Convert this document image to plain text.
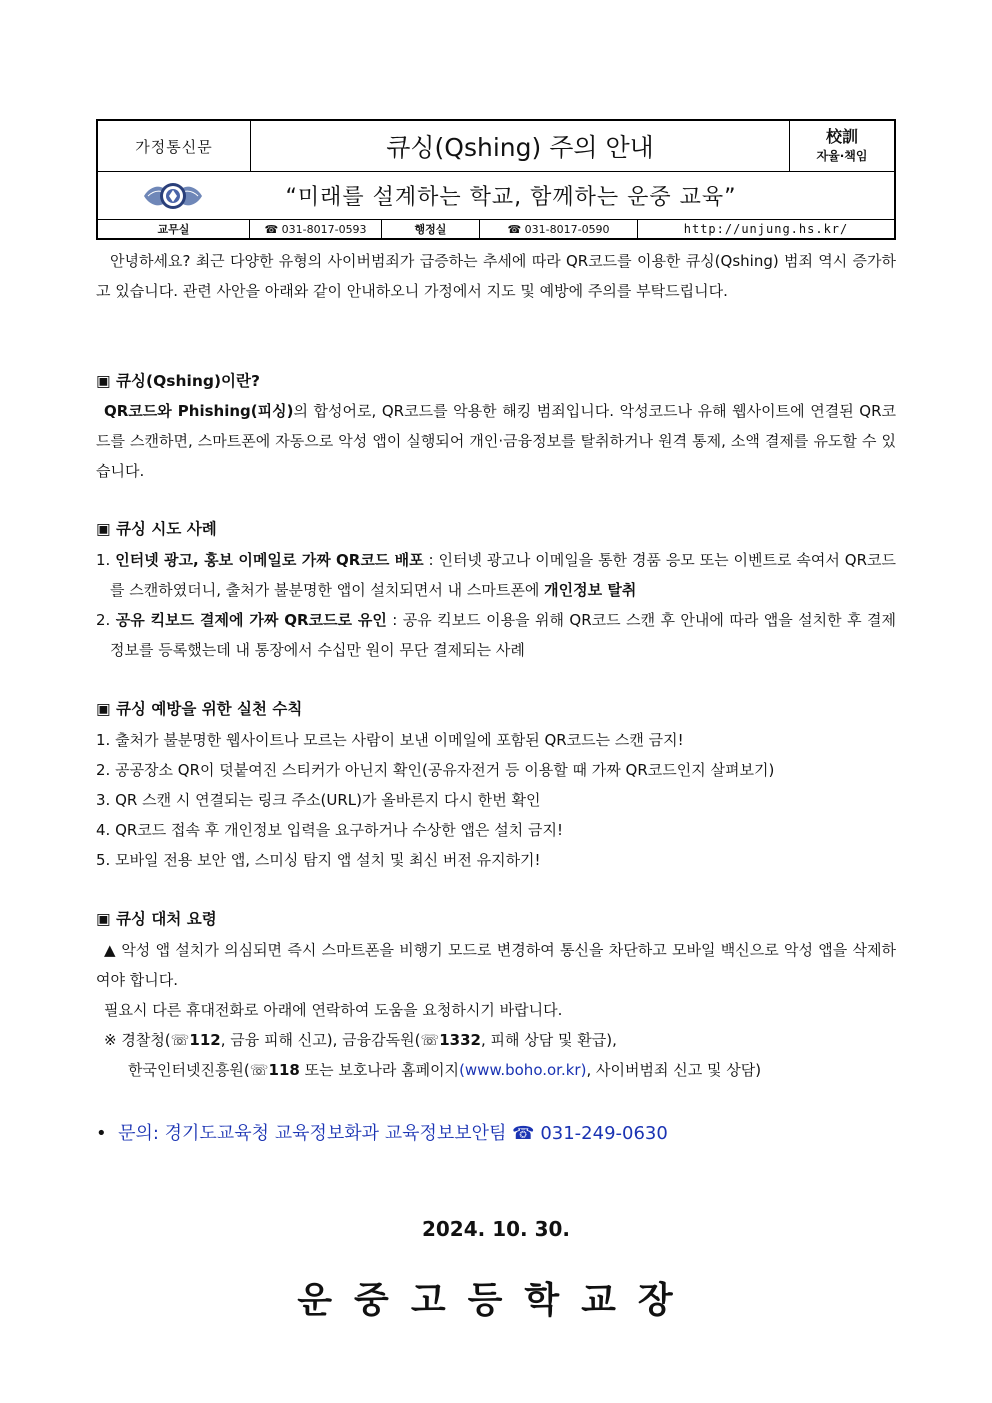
가정통신문	큐싱(Qshing) 주의 안내	校訓
자율·책임
“미래를 설계하는 학교, 함께하는 운중 교육”
교무실	☎ 031-8017-0593	행정실	☎ 031-8017-0590	http://unjung.hs.kr/
안녕하세요? 최근 다양한 유형의 사이버범죄가 급증하는 추세에 따라 QR코드를 이용한 큐싱(Qshing) 범죄 역시 증가하고 있습니다. 관련 사안을 아래와 같이 안내하오니 가정에서 지도 및 예방에 주의를 부탁드립니다.
▣ 큐싱(Qshing)이란?
QR코드와 Phishing(피싱)의 합성어로, QR코드를 악용한 해킹 범죄입니다. 악성코드나 유해 웹사이트에 연결된 QR코드를 스캔하면, 스마트폰에 자동으로 악성 앱이 실행되어 개인·금융정보를 탈취하거나 원격 통제, 소액 결제를 유도할 수 있습니다.
▣ 큐싱 시도 사례
1. 인터넷 광고, 홍보 이메일로 가짜 QR코드 배포 : 인터넷 광고나 이메일을 통한 경품 응모 또는 이벤트로 속여서 QR코드를 스캔하였더니, 출처가 불분명한 앱이 설치되면서 내 스마트폰에 개인정보 탈취
2. 공유 킥보드 결제에 가짜 QR코드로 유인 : 공유 킥보드 이용을 위해 QR코드 스캔 후 안내에 따라 앱을 설치한 후 결제 정보를 등록했는데 내 통장에서 수십만 원이 무단 결제되는 사례
▣ 큐싱 예방을 위한 실천 수칙
1. 출처가 불분명한 웹사이트나 모르는 사람이 보낸 이메일에 포함된 QR코드는 스캔 금지!
2. 공공장소 QR이 덧붙여진 스티커가 아닌지 확인(공유자전거 등 이용할 때 가짜 QR코드인지 살펴보기)
3. QR 스캔 시 연결되는 링크 주소(URL)가 올바른지 다시 한번 확인
4. QR코드 접속 후 개인정보 입력을 요구하거나 수상한 앱은 설치 금지!
5. 모바일 전용 보안 앱, 스미싱 탐지 앱 설치 및 최신 버전 유지하기!
▣ 큐싱 대처 요령
▲ 악성 앱 설치가 의심되면 즉시 스마트폰을 비행기 모드로 변경하여 통신을 차단하고 모바일 백신으로 악성 앱을 삭제하여야 합니다.
필요시 다른 휴대전화로 아래에 연락하여 도움을 요청하시기 바랍니다.
※ 경찰청(☏112, 금융 피해 신고), 금융감독원(☏1332, 피해 상담 및 환급),
한국인터넷진흥원(☏118 또는 보호나라 홈페이지(www.boho.or.kr), 사이버범죄 신고 및 상담)
• 문의: 경기도교육청 교육정보화과 교육정보보안팀 ☎ 031-249-0630
2024. 10. 30.
운중고등학교장
